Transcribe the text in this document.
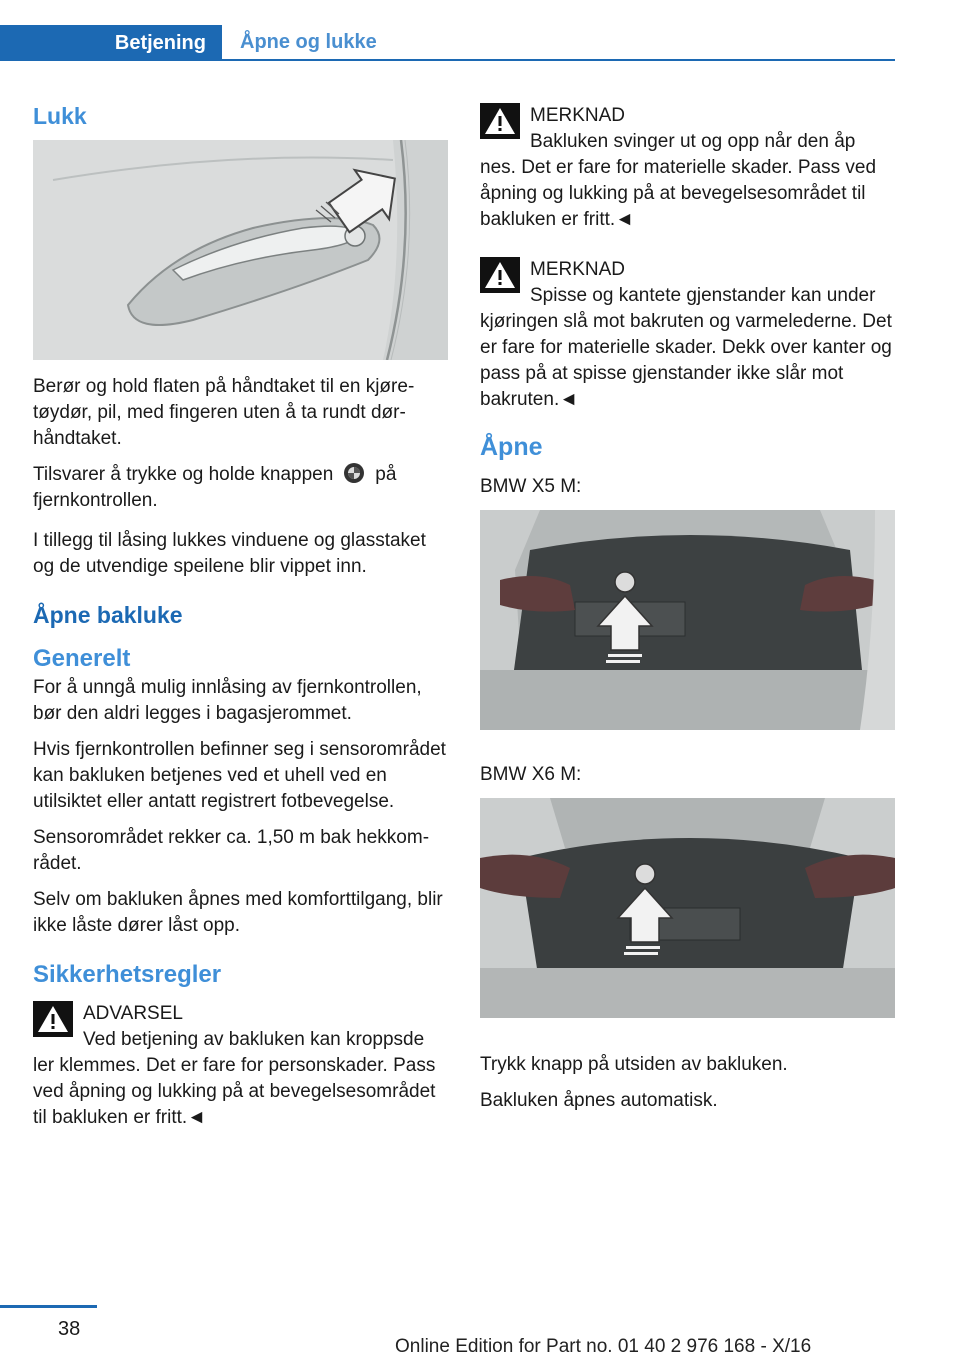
Betjening Åpne og lukke
Lukk

Berør og hold flaten på håndtaket til en kjøretøydør, pil, med fingeren uten å ta rundt dørhåndtaket.

Tilsvarer å trykke og holde knappen på fjernkontrollen.

I tillegg til låsing lukkes vinduene og glasstaket og de utvendige speilene blir vippet inn.

Åpne bakluke
Generelt

For å unngå mulig innlåsing av fjernkontrollen, bør den aldri legges i bagasjerommet.

Hvis fjernkontrollen befinner seg i sensorområdet kan bakluken betjenes ved et uhell ved en utilsiktet eller antatt registrert fotbevegelse.

Sensorområdet rekker ca. 1,50 m bak hekkområdet.

Selv om bakluken åpnes med komforttilgang, blir ikke låste dører låst opp.

Sikkerhetsregler
ADVARSEL
Ved betjening av bakluken kan kroppsde
ler klemmes. Det er fare for personskader. Pass ved åpning og lukking på at bevegelsesområdet til bakluken er fritt.◄
MERKNAD
Bakluken svinger ut og opp når den åp
nes. Det er fare for materielle skader. Pass ved åpning og lukking på at bevegelsesområdet til bakluken er fritt.◄
MERKNAD
Spisse og kantete gjenstander kan under
kjøringen slå mot bakruten og varmelederne. Det er fare for materielle skader. Dekk over kanter og pass på at spisse gjenstander ikke slår mot bakruten.◄
Åpne

BMW X5 M:

BMW X6 M:

Trykk knapp på utsiden av bakluken.

Bakluken åpnes automatisk.

38
Online Edition for Part no. 01 40 2 976 168 - X/16
